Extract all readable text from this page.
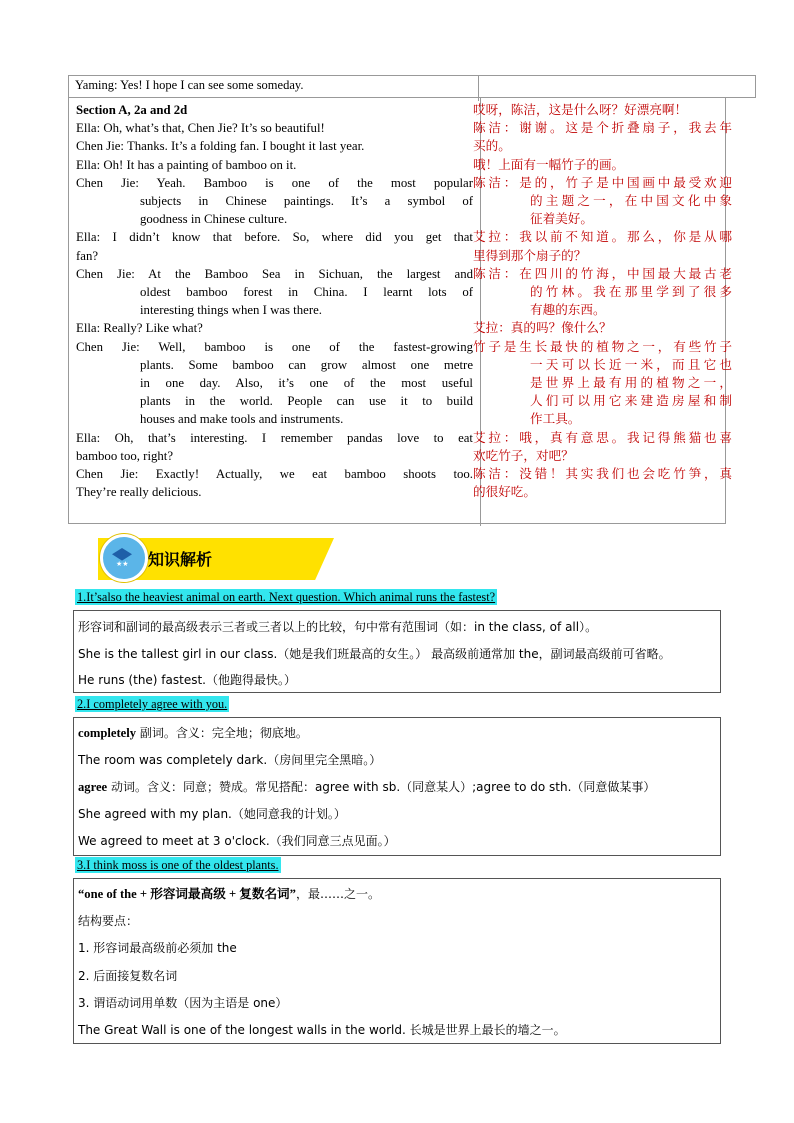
Yaming: Yes! I hope I can see some someday.

Section A, 2a and 2d

Ella: Oh, what’s that, Chen Jie? It’s so beautiful!

Chen Jie: Thanks. It’s a folding fan. I bought it last year.

Ella: Oh! It has a painting of bamboo on it.

Chen Jie: Yeah. Bamboo is one of the most popular

subjects in Chinese paintings. It’s a symbol of

goodness in Chinese culture.

Ella: I didn’t know that before. So, where did you get that

fan?

Chen Jie: At the Bamboo Sea in Sichuan, the largest and

oldest bamboo forest in China. I learnt lots of

interesting things when I was there.

Ella: Really? Like what?

Chen Jie: Well, bamboo is one of the fastest-growing

plants. Some bamboo can grow almost one metre

in one day. Also, it’s one of the most useful

plants in the world. People can use it to build

houses and make tools and instruments.

Ella: Oh, that’s interesting. I remember pandas love to eat

bamboo too, right?

Chen Jie: Exactly! Actually, we eat bamboo shoots too.

They’re really delicious.

哎呀，陈洁，这是什么呀？好漂亮啊！

陈洁：谢谢。这是个折叠扇子，我去年

买的。

哦！上面有一幅竹子的画。

陈洁：是的，竹子是中国画中最受欢迎

的主题之一，在中国文化中象

征着美好。

艾拉：我以前不知道。那么，你是从哪

里得到那个扇子的？

陈洁：在四川的竹海，中国最大最古老

的竹林。我在那里学到了很多

有趣的东西。

艾拉：真的吗？像什么？

竹子是生长最快的植物之一，有些竹子

一天可以长近一米，而且它也

是世界上最有用的植物之一，

人们可以用它来建造房屋和制

作工具。

艾拉：哦，真有意思。我记得熊猫也喜

欢吃竹子，对吧？

陈洁：没错！其实我们也会吃竹笋，真

的很好吃。

★★ 知识解析
1.It’salso the heaviest animal on earth. Next question. Which animal runs the fastest?

形容词和副词的最高级表示三者或三者以上的比较，句中常有范围词（如：in the class, of all）。

She is the tallest girl in our class.（她是我们班最高的女生。） 最高级前通常加 the，副词最高级前可省略。

He runs (the) fastest.（他跑得最快。）

2.I completely agree with you.

completely 副词。含义：完全地；彻底地。

The room was completely dark.（房间里完全黑暗。）

agree 动词。含义：同意；赞成。常见搭配：agree with sb.（同意某人）;agree to do sth.（同意做某事）

She agreed with my plan.（她同意我的计划。）

We agreed to meet at 3 o'clock.（我们同意三点见面。）

3.I think moss is one of the oldest plants.

“one of the + 形容词最高级 + 复数名词”，最……之一。

结构要点：

1. 形容词最高级前必须加 the

2. 后面接复数名词

3. 谓语动词用单数（因为主语是 one）

The Great Wall is one of the longest walls in the world. 长城是世界上最长的墙之一。
